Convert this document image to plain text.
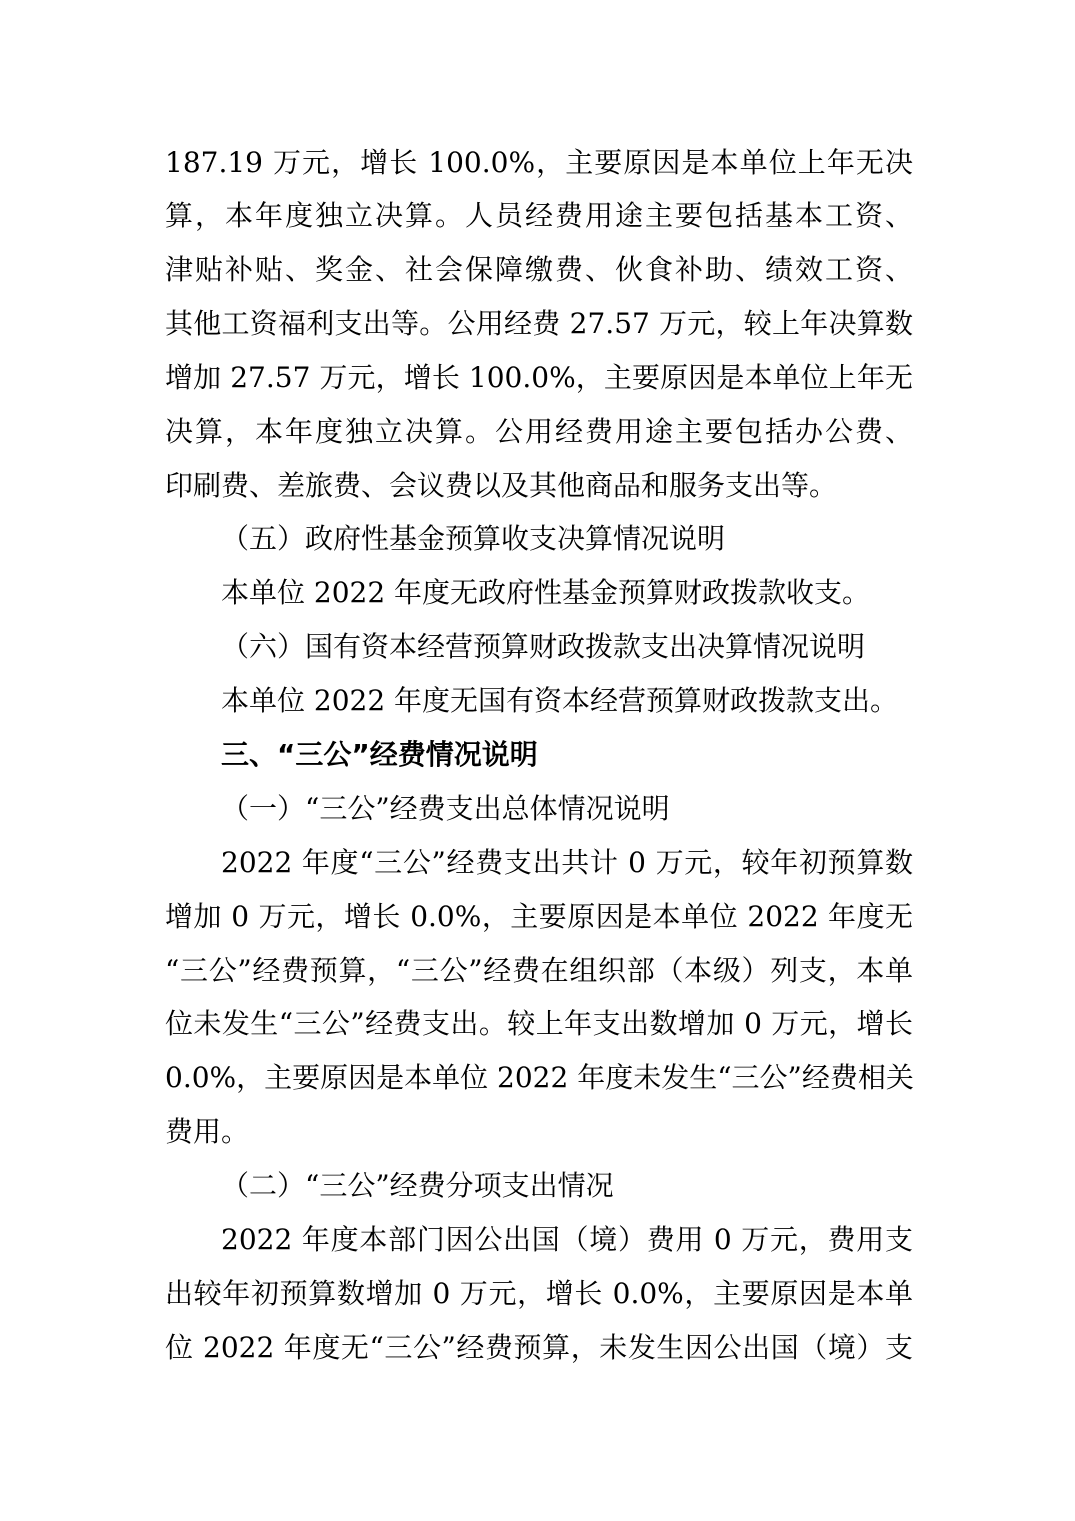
187.19 万元，增长 100.0%，主要原因是本单位上年无决

算，本年度独立决算。人员经费用途主要包括基本工资、

津贴补贴、奖金、社会保障缴费、伙食补助、绩效工资、

其他工资福利支出等。公用经费 27.57 万元，较上年决算数

增加 27.57 万元，增长 100.0%，主要原因是本单位上年无

决算，本年度独立决算。公用经费用途主要包括办公费、

印刷费、差旅费、会议费以及其他商品和服务支出等。

（五）政府性基金预算收支决算情况说明

本单位 2022 年度无政府性基金预算财政拨款收支。

（六）国有资本经营预算财政拨款支出决算情况说明

本单位 2022 年度无国有资本经营预算财政拨款支出。

三、“三公”经费情况说明

（一）“三公”经费支出总体情况说明

2022 年度“三公”经费支出共计 0 万元，较年初预算数

增加 0 万元，增长 0.0%，主要原因是本单位 2022 年度无

“三公”经费预算，“三公”经费在组织部（本级）列支，本单

位未发生“三公”经费支出。较上年支出数增加 0 万元，增长

0.0%，主要原因是本单位 2022 年度未发生“三公”经费相关

费用。

（二）“三公”经费分项支出情况

2022 年度本部门因公出国（境）费用 0 万元，费用支

出较年初预算数增加 0 万元，增长 0.0%，主要原因是本单

位 2022 年度无“三公”经费预算，未发生因公出国（境）支
